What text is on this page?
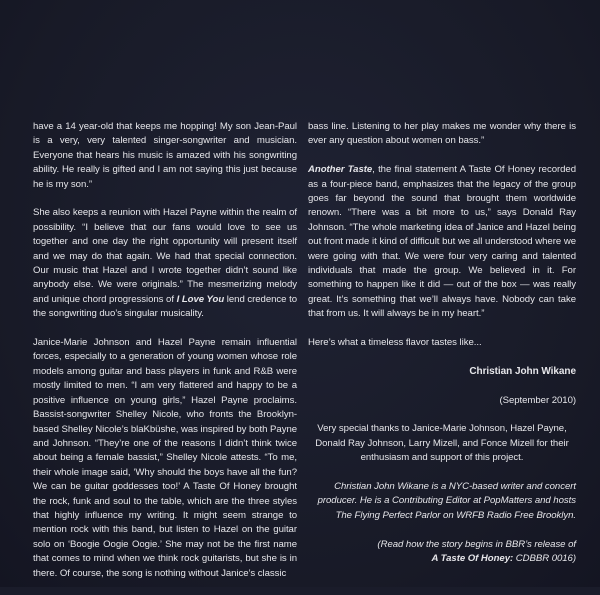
have a 14 year-old that keeps me hopping! My son Jean-Paul is a very, very talented singer-songwriter and musician. Everyone that hears his music is amazed with his songwriting ability. He really is gifted and I am not saying this just because he is my son.”

She also keeps a reunion with Hazel Payne within the realm of possibility. “I believe that our fans would love to see us together and one day the right opportunity will present itself and we may do that again. We had that special connection. Our music that Hazel and I wrote together didn’t sound like anybody else. We were originals.” The mesmerizing melody and unique chord progressions of I Love You lend credence to the songwriting duo’s singular musicality.

Janice-Marie Johnson and Hazel Payne remain influential forces, especially to a generation of young women whose role models among guitar and bass players in funk and R&B were mostly limited to men. “I am very flattered and happy to be a positive influence on young girls,” Hazel Payne proclaims. Bassist-songwriter Shelley Nicole, who fronts the Brooklyn-based Shelley Nicole’s blaKbüshe, was inspired by both Payne and Johnson. “They’re one of the reasons I didn’t think twice about being a female bassist,” Shelley Nicole attests. “To me, their whole image said, ‘Why should the boys have all the fun? We can be guitar goddesses too!’ A Taste Of Honey brought the rock, funk and soul to the table, which are the three styles that highly influence my writing. It might seem strange to mention rock with this band, but listen to Hazel on the guitar solo on ‘Boogie Oogie Oogie.’ She may not be the first name that comes to mind when we think rock guitarists, but she is in there. Of course, the song is nothing without Janice’s classic

bass line. Listening to her play makes me wonder why there is ever any question about women on bass.”

Another Taste, the final statement A Taste Of Honey recorded as a four-piece band, emphasizes that the legacy of the group goes far beyond the sound that brought them worldwide renown. “There was a bit more to us,” says Donald Ray Johnson. “The whole marketing idea of Janice and Hazel being out front made it kind of difficult but we all understood where we were going with that. We were four very caring and talented individuals that made the group. We believed in it. For something to happen like it did — out of the box — was really great. It’s something that we’ll always have. Nobody can take that from us. It will always be in my heart.”

Here’s what a timeless flavor tastes like...

Christian John Wikane

(September 2010)

Very special thanks to Janice-Marie Johnson, Hazel Payne, Donald Ray Johnson, Larry Mizell, and Fonce Mizell for their enthusiasm and support of this project.

Christian John Wikane is a NYC-based writer and concert producer. He is a Contributing Editor at PopMatters and hosts The Flying Perfect Parlor on WRFB Radio Free Brooklyn.

(Read how the story begins in BBR’s release of
A Taste Of Honey: CDBBR 0016)
